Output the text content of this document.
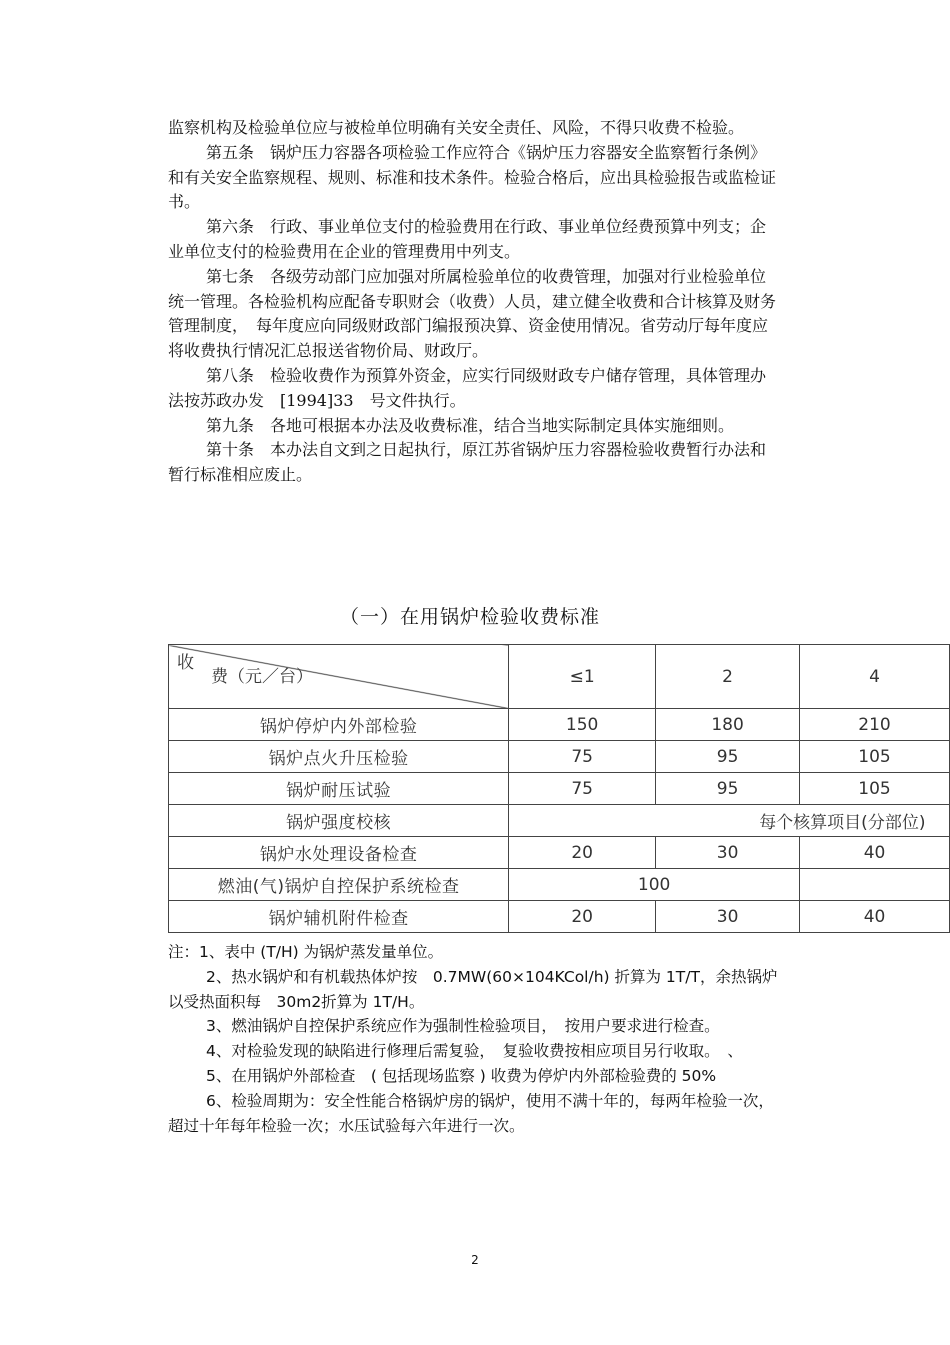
监察机构及检验单位应与被检单位明确有关安全责任、风险，不得只收费不检验。

第五条　锅炉压力容器各项检验工作应符合《锅炉压力容器安全监察暂行条例》和有关安全监察规程、规则、标准和技术条件。检验合格后，应出具检验报告或监检证书。

第六条　行政、事业单位支付的检验费用在行政、事业单位经费预算中列支；企业单位支付的检验费用在企业的管理费用中列支。

第七条　各级劳动部门应加强对所属检验单位的收费管理，加强对行业检验单位统一管理。各检验机构应配备专职财会（收费）人员，建立健全收费和合计核算及财务管理制度，　每年度应向同级财政部门编报预决算、资金使用情况。省劳动厅每年度应将收费执行情况汇总报送省物价局、财政厅。

第八条　检验收费作为预算外资金，应实行同级财政专户储存管理，具体管理办法按苏政办发　[1994]33　号文件执行。

第九条　各地可根据本办法及收费标准，结合当地实际制定具体实施细则。

第十条　本办法自文到之日起执行，原江苏省锅炉压力容器检验收费暂行办法和暂行标准相应废止。

（一）在用锅炉检验收费标准
收
费（元／台）	≤1	2	4
锅炉停炉内外部检验	150	180	210
锅炉点火升压检验	75	95	105
锅炉耐压试验	75	95	105
锅炉强度校核	每个核算项目(分部位)		
锅炉水处理设备检查	20	30	40
燃油(气)锅炉自控保护系统检查	100		
锅炉辅机附件检查	20	30	40

注：1、表中 (T/H) 为锅炉蒸发量单位。

2、热水锅炉和有机载热体炉按　0.7MW(60×104KCol/h) 折算为 1T/T，余热锅炉以受热面积每　30m2折算为 1T/H。

3、燃油锅炉自控保护系统应作为强制性检验项目，　按用户要求进行检查。

4、对检验发现的缺陷进行修理后需复验，　复验收费按相应项目另行收取。　、

5、在用锅炉外部检查　( 包括现场监察 ) 收费为停炉内外部检验费的 50%

6、检验周期为：安全性能合格锅炉房的锅炉，使用不满十年的，每两年检验一次，超过十年每年检验一次；水压试验每六年进行一次。

2
